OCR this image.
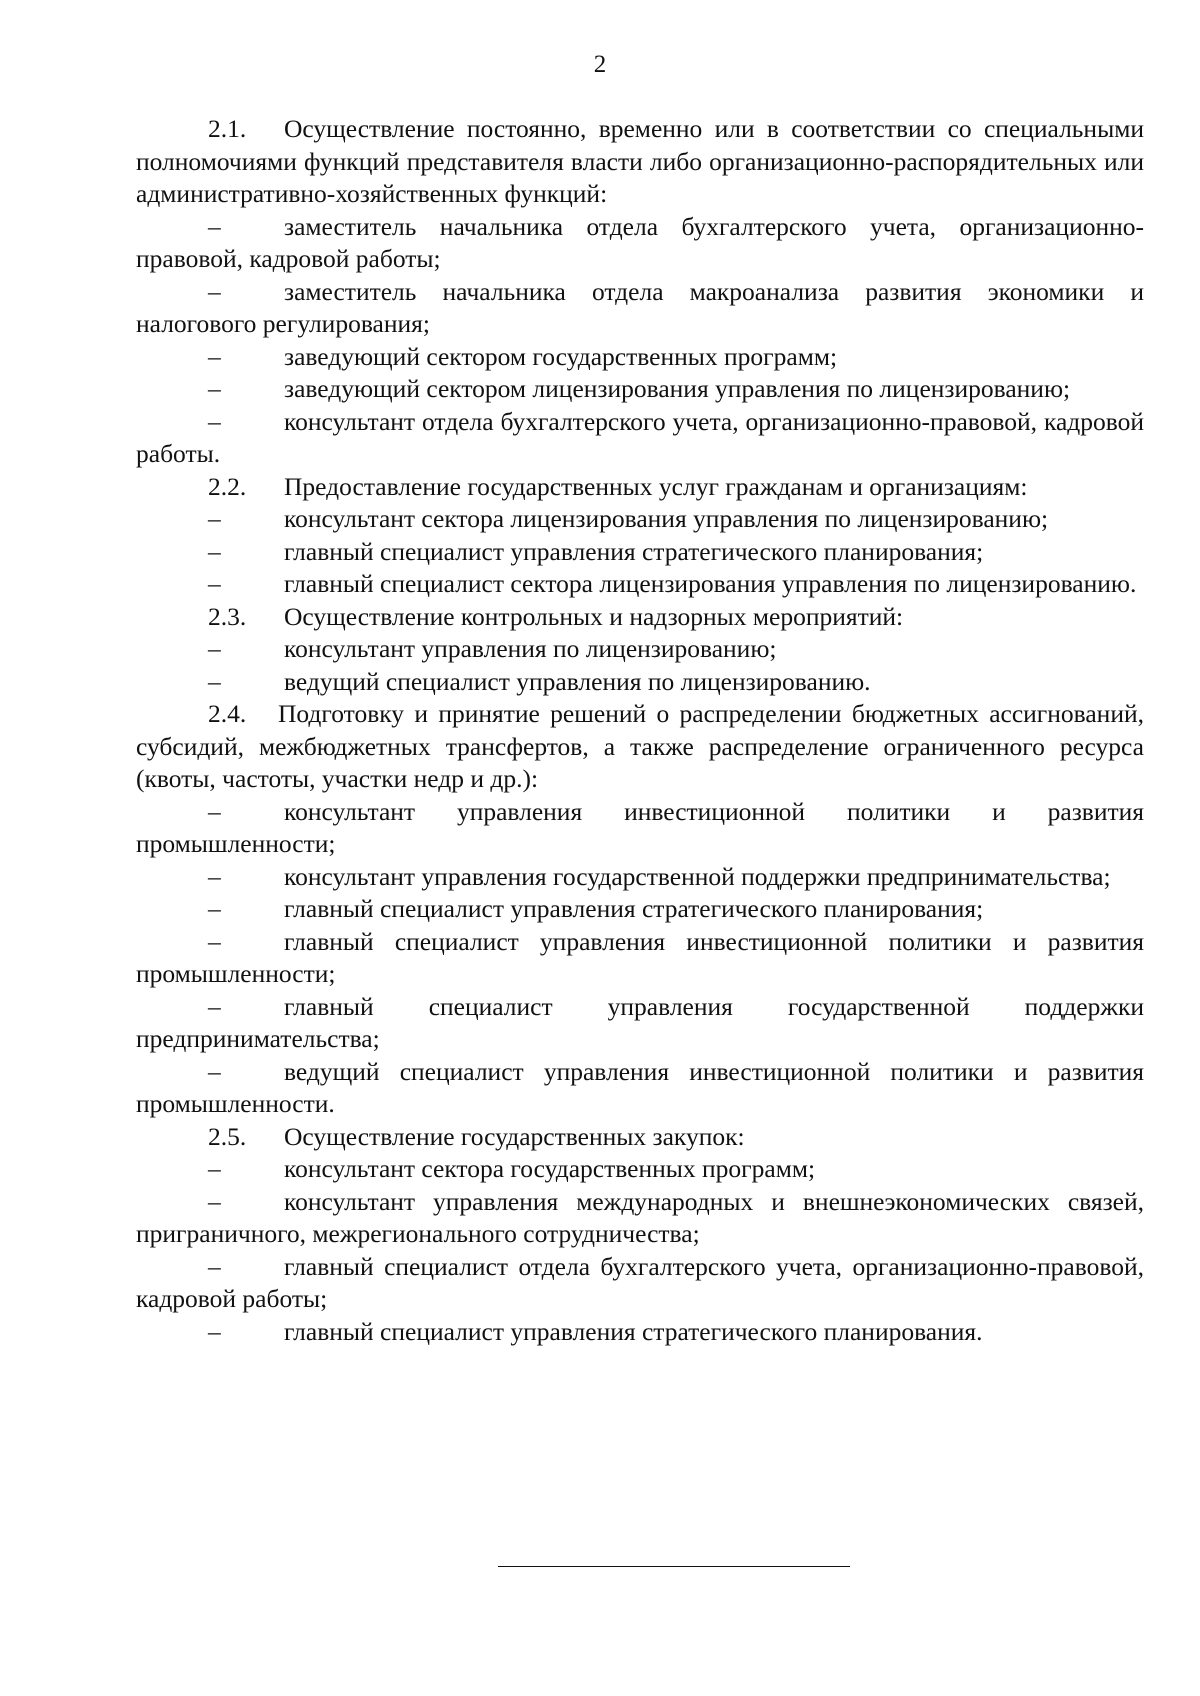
2

2.1. Осуществление постоянно, временно или в соответствии со специальными полномочиями функций представителя власти либо организационно-распорядительных или административно-хозяйственных функций:

– заместитель начальника отдела бухгалтерского учета, организационно-правовой, кадровой работы;

– заместитель начальника отдела макроанализа развития экономики и налогового регулирования;

– заведующий сектором государственных программ;

– заведующий сектором лицензирования управления по лицензированию;

– консультант отдела бухгалтерского учета, организационно-правовой, кадровой работы.

2.2. Предоставление государственных услуг гражданам и организациям:

– консультант сектора лицензирования управления по лицензированию;

– главный специалист управления стратегического планирования;

– главный специалист сектора лицензирования управления по лицензированию.

2.3. Осуществление контрольных и надзорных мероприятий:

– консультант управления по лицензированию;

– ведущий специалист управления по лицензированию.

2.4. Подготовку и принятие решений о распределении бюджетных ассигнований, субсидий, межбюджетных трансфертов, а также распределение ограниченного ресурса (квоты, частоты, участки недр и др.):

– консультант управления инвестиционной политики и развития промышленности;

– консультант управления государственной поддержки предпринимательства;

– главный специалист управления стратегического планирования;

– главный специалист управления инвестиционной политики и развития промышленности;

– главный специалист управления государственной поддержки предпринимательства;

– ведущий специалист управления инвестиционной политики и развития промышленности.

2.5. Осуществление государственных закупок:

– консультант сектора государственных программ;

– консультант управления международных и внешнеэкономических связей, приграничного, межрегионального сотрудничества;

– главный специалист отдела бухгалтерского учета, организационно-правовой, кадровой работы;

– главный специалист управления стратегического планирования.
